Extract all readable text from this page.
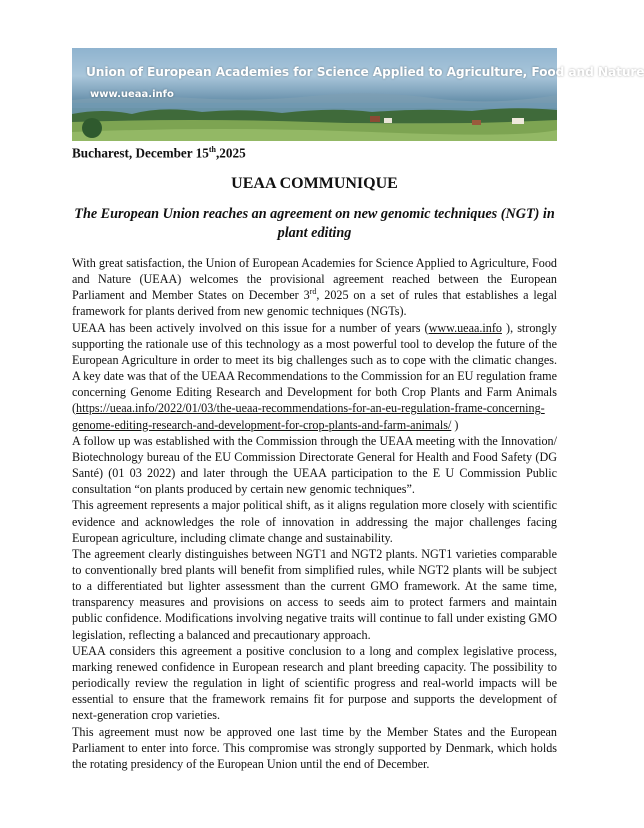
Union of European Academies for Science Applied to Agriculture, Food and Nature
www.ueaa.info
Bucharest, December 15th,2025
UEAA COMMUNIQUE
The European Union reaches an agreement on new genomic techniques (NGT) in plant editing

With great satisfaction, the Union of European Academies for Science Applied to Agriculture, Food and Nature (UEAA) welcomes the provisional agreement reached between the European Parliament and Member States on December 3rd, 2025 on a set of rules that establishes a legal framework for plants derived from new genomic techniques (NGTs).

UEAA has been actively involved on this issue for a number of years (www.ueaa.info ), strongly supporting the rationale use of this technology as a most powerful tool to develop the future of the European Agriculture in order to meet its big challenges such as to cope with the climatic changes. A key date was that of the UEAA Recommendations to the Commission for an EU regulation frame concerning Genome Editing Research and Development for both Crop Plants and Farm Animals (https://ueaa.info/2022/01/03/the-ueaa-recommendations-for-an-eu-regulation-frame-concerning-genome-editing-research-and-development-for-crop-plants-and-farm-animals/ )

A follow up was established with the Commission through the UEAA meeting with the Innovation/ Biotechnology bureau of the EU Commission Directorate General for Health and Food Safety (DG Santé) (01 03 2022) and later through the UEAA participation to the E U Commission Public consultation “on plants produced by certain new genomic techniques”.

This agreement represents a major political shift, as it aligns regulation more closely with scientific evidence and acknowledges the role of innovation in addressing the major challenges facing European agriculture, including climate change and sustainability.

The agreement clearly distinguishes between NGT1 and NGT2 plants. NGT1 varieties comparable to conventionally bred plants will benefit from simplified rules, while NGT2 plants will be subject to a differentiated but lighter assessment than the current GMO framework. At the same time, transparency measures and provisions on access to seeds aim to protect farmers and maintain public confidence. Modifications involving negative traits will continue to fall under existing GMO legislation, reflecting a balanced and precautionary approach.

UEAA considers this agreement a positive conclusion to a long and complex legislative process, marking renewed confidence in European research and plant breeding capacity. The possibility to periodically review the regulation in light of scientific progress and real-world impacts will be essential to ensure that the framework remains fit for purpose and supports the development of next-generation crop varieties.

This agreement must now be approved one last time by the Member States and the European Parliament to enter into force. This compromise was strongly supported by Denmark, which holds the rotating presidency of the European Union until the end of December.
